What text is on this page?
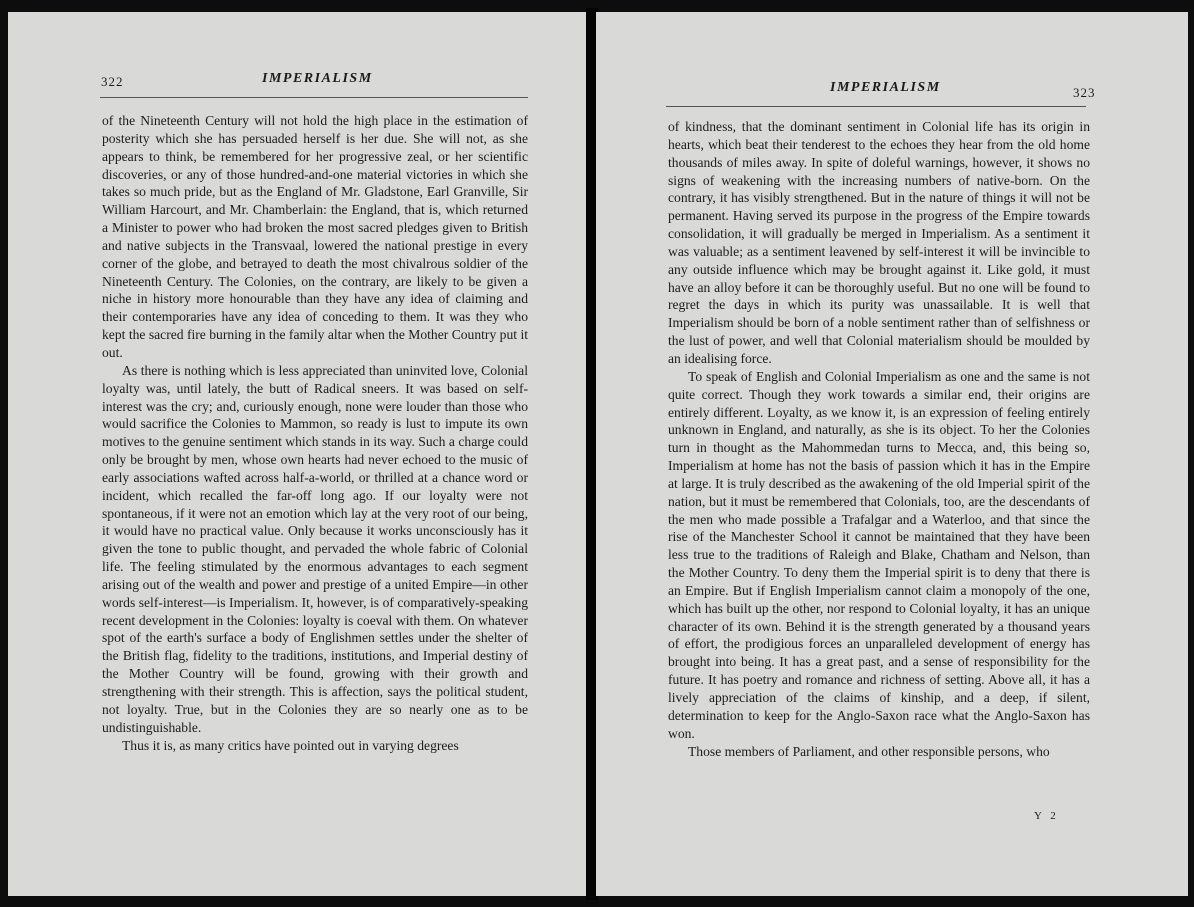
322	IMPERIALISM

of the Nineteenth Century will not hold the high place in the estimation of posterity which she has persuaded herself is her due. She will not, as she appears to think, be remembered for her progressive zeal, or her scientific discoveries, or any of those hundred-and-one material victories in which she takes so much pride, but as the England of Mr. Gladstone, Earl Granville, Sir William Harcourt, and Mr. Chamberlain: the England, that is, which returned a Minister to power who had broken the most sacred pledges given to British and native subjects in the Transvaal, lowered the national prestige in every corner of the globe, and betrayed to death the most chivalrous soldier of the Nineteenth Century. The Colonies, on the contrary, are likely to be given a niche in history more honourable than they have any idea of claiming and their contemporaries have any idea of conceding to them. It was they who kept the sacred fire burning in the family altar when the Mother Country put it out.

As there is nothing which is less appreciated than uninvited love, Colonial loyalty was, until lately, the butt of Radical sneers. It was based on self-interest was the cry; and, curiously enough, none were louder than those who would sacrifice the Colonies to Mammon, so ready is lust to impute its own motives to the genuine sentiment which stands in its way. Such a charge could only be brought by men, whose own hearts had never echoed to the music of early associations wafted across half-a-world, or thrilled at a chance word or incident, which recalled the far-off long ago. If our loyalty were not spontaneous, if it were not an emotion which lay at the very root of our being, it would have no practical value. Only because it works unconsciously has it given the tone to public thought, and pervaded the whole fabric of Colonial life. The feeling stimulated by the enormous advantages to each segment arising out of the wealth and power and prestige of a united Empire—in other words self-interest—is Imperialism. It, however, is of comparatively-speaking recent development in the Colonies: loyalty is coeval with them. On whatever spot of the earth's surface a body of Englishmen settles under the shelter of the British flag, fidelity to the traditions, institutions, and Imperial destiny of the Mother Country will be found, growing with their growth and strengthening with their strength. This is affection, says the political student, not loyalty. True, but in the Colonies they are so nearly one as to be undistinguishable.

Thus it is, as many critics have pointed out in varying degrees

IMPERIALISM	323

of kindness, that the dominant sentiment in Colonial life has its origin in hearts, which beat their tenderest to the echoes they hear from the old home thousands of miles away. In spite of doleful warnings, however, it shows no signs of weakening with the increasing numbers of native-born. On the contrary, it has visibly strengthened. But in the nature of things it will not be permanent. Having served its purpose in the progress of the Empire towards consolidation, it will gradually be merged in Imperialism. As a sentiment it was valuable; as a sentiment leavened by self-interest it will be invincible to any outside influence which may be brought against it. Like gold, it must have an alloy before it can be thoroughly useful. But no one will be found to regret the days in which its purity was unassailable. It is well that Imperialism should be born of a noble sentiment rather than of selfishness or the lust of power, and well that Colonial materialism should be moulded by an idealising force.

To speak of English and Colonial Imperialism as one and the same is not quite correct. Though they work towards a similar end, their origins are entirely different. Loyalty, as we know it, is an expression of feeling entirely unknown in England, and naturally, as she is its object. To her the Colonies turn in thought as the Mahommedan turns to Mecca, and, this being so, Imperialism at home has not the basis of passion which it has in the Empire at large. It is truly described as the awakening of the old Imperial spirit of the nation, but it must be remembered that Colonials, too, are the descendants of the men who made possible a Trafalgar and a Waterloo, and that since the rise of the Manchester School it cannot be maintained that they have been less true to the traditions of Raleigh and Blake, Chatham and Nelson, than the Mother Country. To deny them the Imperial spirit is to deny that there is an Empire. But if English Imperialism cannot claim a monopoly of the one, which has built up the other, nor respond to Colonial loyalty, it has an unique character of its own. Behind it is the strength generated by a thousand years of effort, the prodigious forces an unparalleled development of energy has brought into being. It has a great past, and a sense of responsibility for the future. It has poetry and romance and richness of setting. Above all, it has a lively appreciation of the claims of kinship, and a deep, if silent, determination to keep for the Anglo-Saxon race what the Anglo-Saxon has won.

Those members of Parliament, and other responsible persons, who

Y 2
